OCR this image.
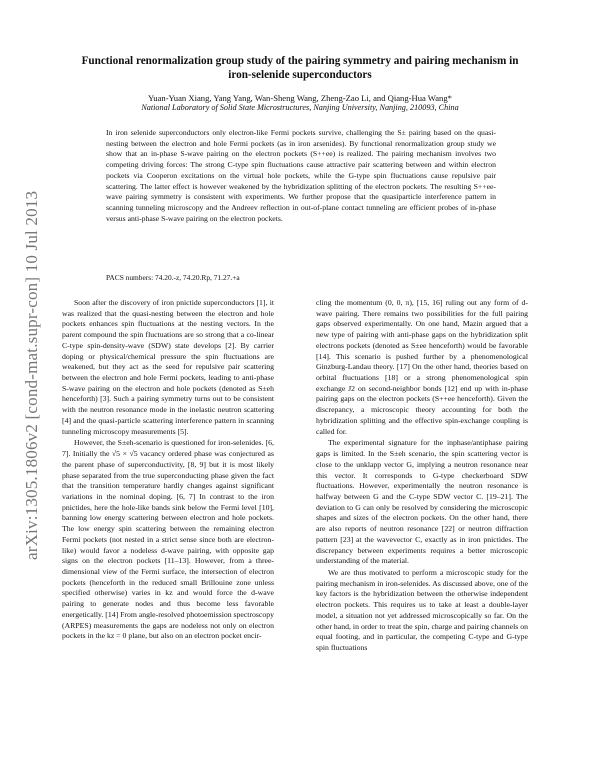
arXiv:1305.1806v2 [cond-mat.supr-con] 10 Jul 2013
Functional renormalization group study of the pairing symmetry and pairing mechanism in iron-selenide superconductors
Yuan-Yuan Xiang, Yang Yang, Wan-Sheng Wang, Zheng-Zao Li, and Qiang-Hua Wang*
National Laboratory of Solid State Microstructures, Nanjing University, Nanjing, 210093, China
In iron selenide superconductors only electron-like Fermi pockets survive, challenging the S± pairing based on the quasi-nesting between the electron and hole Fermi pockets (as in iron arsenides). By functional renormalization group study we show that an in-phase S-wave pairing on the electron pockets (S++ee) is realized. The pairing mechanism involves two competing driving forces: The strong C-type spin fluctuations cause attractive pair scattering between and within electron pockets via Cooperon excitations on the virtual hole pockets, while the G-type spin fluctuations cause repulsive pair scattering. The latter effect is however weakened by the hybridization splitting of the electron pockets. The resulting S++ee-wave pairing symmetry is consistent with experiments. We further propose that the quasiparticle interference pattern in scanning tunneling microscopy and the Andreev reflection in out-of-plane contact tunneling are efficient probes of in-phase versus anti-phase S-wave pairing on the electron pockets.
PACS numbers: 74.20.-z, 74.20.Rp, 71.27.+a

Soon after the discovery of iron pnictide superconductors [1], it was realized that the quasi-nesting between the electron and hole pockets enhances spin fluctuations at the nesting vectors. In the parent compound the spin fluctuations are so strong that a co-linear C-type spin-density-wave (SDW) state develops [2]. By carrier doping or physical/chemical pressure the spin fluctuations are weakened, but they act as the seed for repulsive pair scattering between the electron and hole Fermi pockets, leading to anti-phase S-wave pairing on the electron and hole pockets (denoted as S±eh henceforth) [3]. Such a pairing symmetry turns out to be consistent with the neutron resonance mode in the inelastic neutron scattering [4] and the quasi-particle scattering interference pattern in scanning tunneling microscopy measurements [5].

However, the S±eh-scenario is questioned for iron-selenides. [6, 7]. Initially the √5 × √5 vacancy ordered phase was conjectured as the parent phase of superconductivity, [8, 9] but it is most likely phase separated from the true superconducting phase given the fact that the transition temperature hardly changes against significant variations in the nominal doping. [6, 7] In contrast to the iron pnictides, here the hole-like bands sink below the Fermi level [10], banning low energy scattering between electron and hole pockets. The low energy spin scattering between the remaining electron Fermi pockets (not nested in a strict sense since both are electron-like) would favor a nodeless d-wave pairing, with opposite gap signs on the electron pockets [11–13]. However, from a three-dimensional view of the Fermi surface, the intersection of electron pockets (henceforth in the reduced small Brillouine zone unless specified otherwise) varies in kz and would force the d-wave pairing to generate nodes and thus become less favorable energetically. [14] From angle-resolved photoemission spectroscopy (ARPES) measurements the gaps are nodeless not only on electron pockets in the kz = 0 plane, but also on an electron pocket encir-

cling the momentum (0, 0, π), [15, 16] ruling out any form of d-wave pairing. There remains two possibilities for the full pairing gaps observed experimentally. On one hand, Mazin argued that a new type of pairing with anti-phase gaps on the hybridization split electrons pockets (denoted as S±ee henceforth) would be favorable [14]. This scenario is pushed further by a phenomenological Ginzburg-Landau theory. [17] On the other hand, theories based on orbital fluctuations [18] or a strong phenomenological spin exchange J2 on second-neighbor bonds [12] end up with in-phase pairing gaps on the electron pockets (S++ee henceforth). Given the discrepancy, a microscopic theory accounting for both the hybridization splitting and the effective spin-exchange coupling is called for.

The experimental signature for the inphase/antiphase pairing gaps is limited. In the S±eh scenario, the spin scattering vector is close to the unklapp vector G, implying a neutron resonance near this vector. It corresponds to G-type checkerboard SDW fluctuations. However, experimentally the neutron resonance is halfway between G and the C-type SDW vector C. [19–21]. The deviation to G can only be resolved by considering the microscopic shapes and sizes of the electron pockets. On the other hand, there are also reports of neutron resonance [22] or neutron diffraction pattern [23] at the wavevector C, exactly as in iron pnictides. The discrepancy between experiments requires a better microscopic understanding of the material.

We are thus motivated to perform a microscopic study for the pairing mechanism in iron-selenides. As discussed above, one of the key factors is the hybridization between the otherwise independent electron pockets. This requires us to take at least a double-layer model, a situation not yet addressed microscopically so far. On the other hand, in order to treat the spin, charge and pairing channels on equal footing, and in particular, the competing C-type and G-type spin fluctuations
